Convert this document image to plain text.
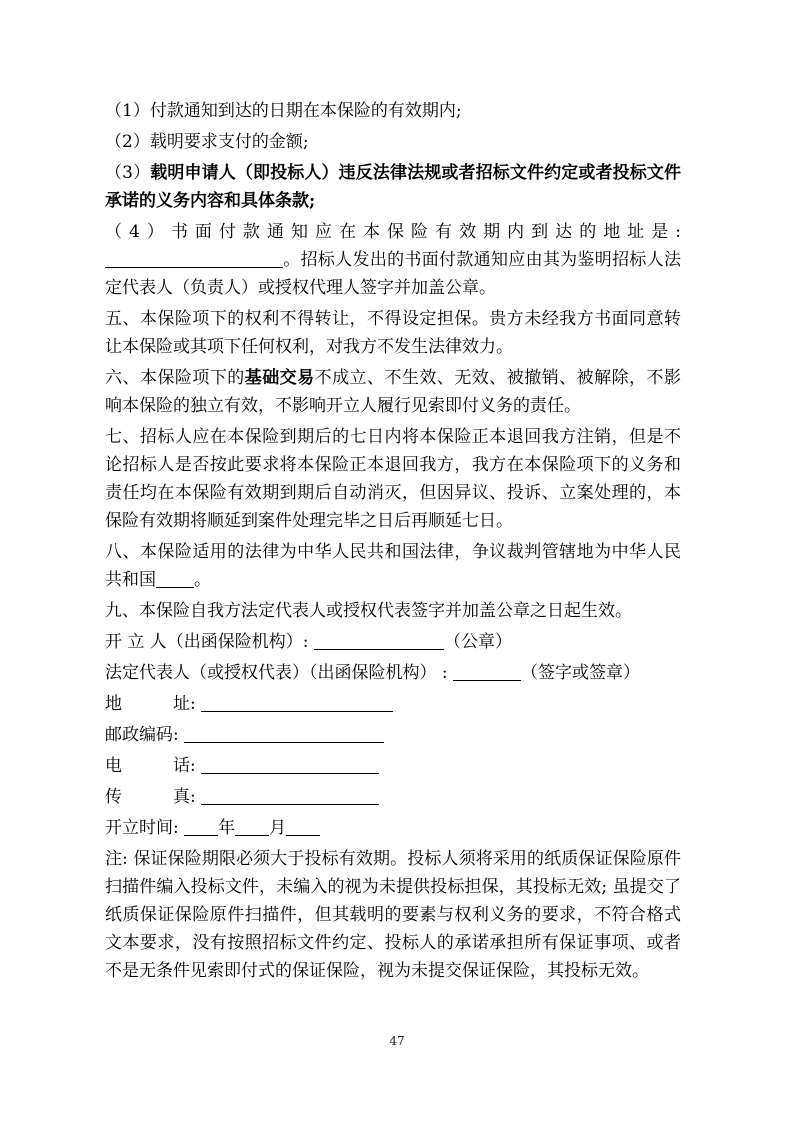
（1）付款通知到达的日期在本保险的有效期内;

（2）载明要求支付的金额;

（3）载明申请人（即投标人）违反法律法规或者招标文件约定或者投标文件承诺的义务内容和具体条款;

（4）书面付款通知应在本保险有效期内到达的地址是: 。招标人发出的书面付款通知应由其为鉴明招标人法定代表人（负责人）或授权代理人签字并加盖公章。

五、本保险项下的权利不得转让，不得设定担保。贵方未经我方书面同意转让本保险或其项下任何权利，对我方不发生法律效力。

六、本保险项下的基础交易不成立、不生效、无效、被撤销、被解除，不影响本保险的独立有效，不影响开立人履行见索即付义务的责任。

七、招标人应在本保险到期后的七日内将本保险正本退回我方注销，但是不论招标人是否按此要求将本保险正本退回我方，我方在本保险项下的义务和责任均在本保险有效期到期后自动消灭，但因异议、投诉、立案处理的，本保险有效期将顺延到案件处理完毕之日后再顺延七日。

八、本保险适用的法律为中华人民共和国法律，争议裁判管辖地为中华人民共和国 。

九、本保险自我方法定代表人或授权代表签字并加盖公章之日起生效。

开 立 人（出函保险机构）:	（公章）

法定代表人（或授权代表）（出函保险机构） :	（签字或签章）

地　　　址:

邮政编码:

电　　　话:

传　　　真:

开立时间: 年 月

注: 保证保险期限必须大于投标有效期。投标人须将采用的纸质保证保险原件扫描件编入投标文件，未编入的视为未提供投标担保，其投标无效; 虽提交了纸质保证保险原件扫描件，但其载明的要素与权利义务的要求，不符合格式文本要求，没有按照招标文件约定、投标人的承诺承担所有保证事项、或者不是无条件见索即付式的保证保险，视为未提交保证保险，其投标无效。

47
